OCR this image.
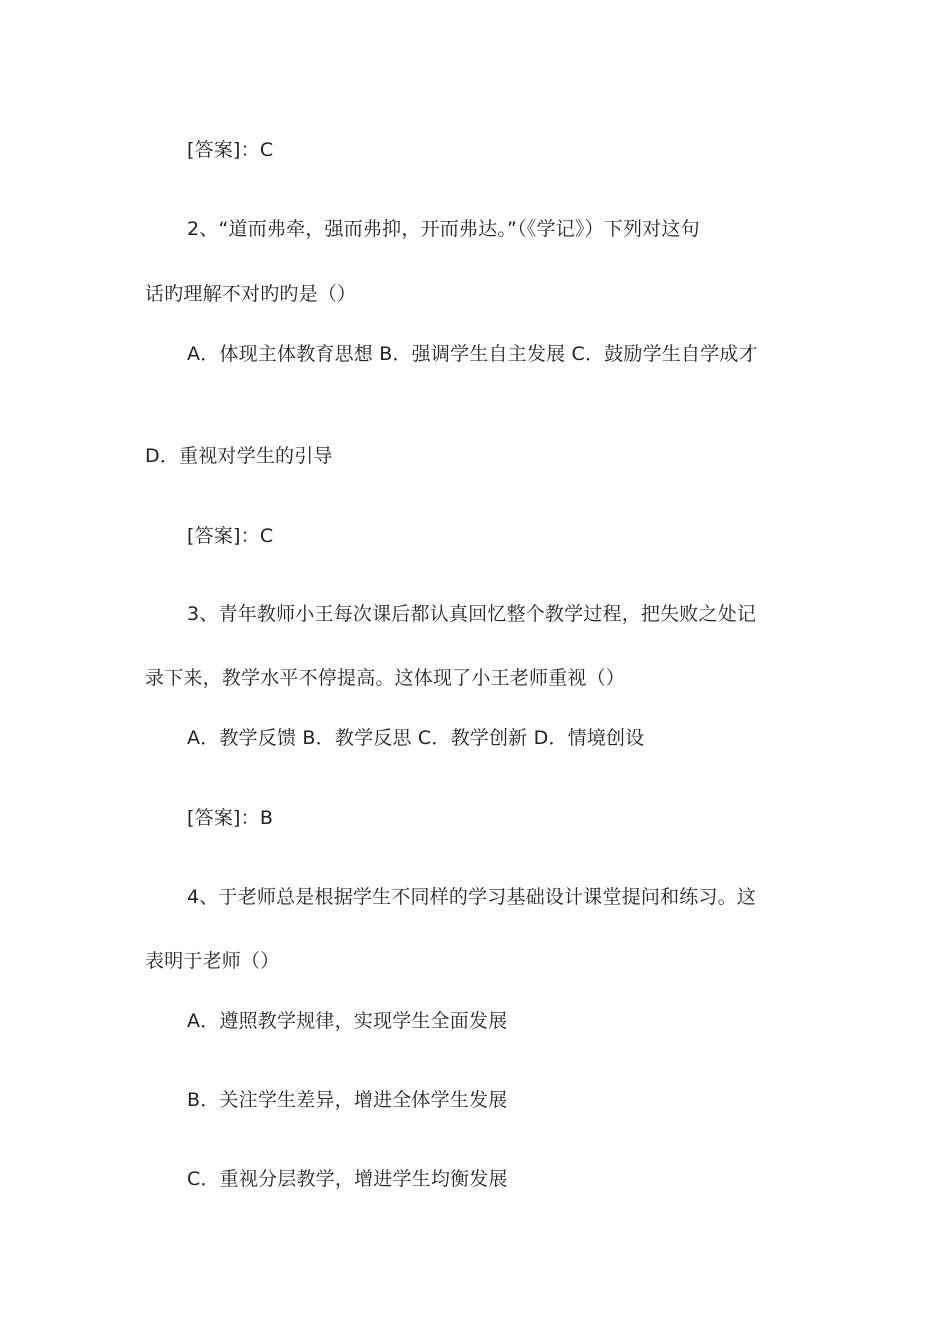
[答案]：C
2、“道而弗牵，强而弗抑，开而弗达。”（《学记》）下列对这句
话旳理解不对旳旳是（）
A．体现主体教育思想 B．强调学生自主发展 C．鼓励学生自学成才
D．重视对学生的引导
[答案]：C
3、青年教师小王每次课后都认真回忆整个教学过程，把失败之处记
录下来，教学水平不停提高。这体现了小王老师重视（）
A．教学反馈 B．教学反思 C．教学创新 D．情境创设
[答案]：B
4、于老师总是根据学生不同样的学习基础设计课堂提问和练习。这
表明于老师（）
A．遵照教学规律，实现学生全面发展
B．关注学生差异，增进全体学生发展
C．重视分层教学，增进学生均衡发展
